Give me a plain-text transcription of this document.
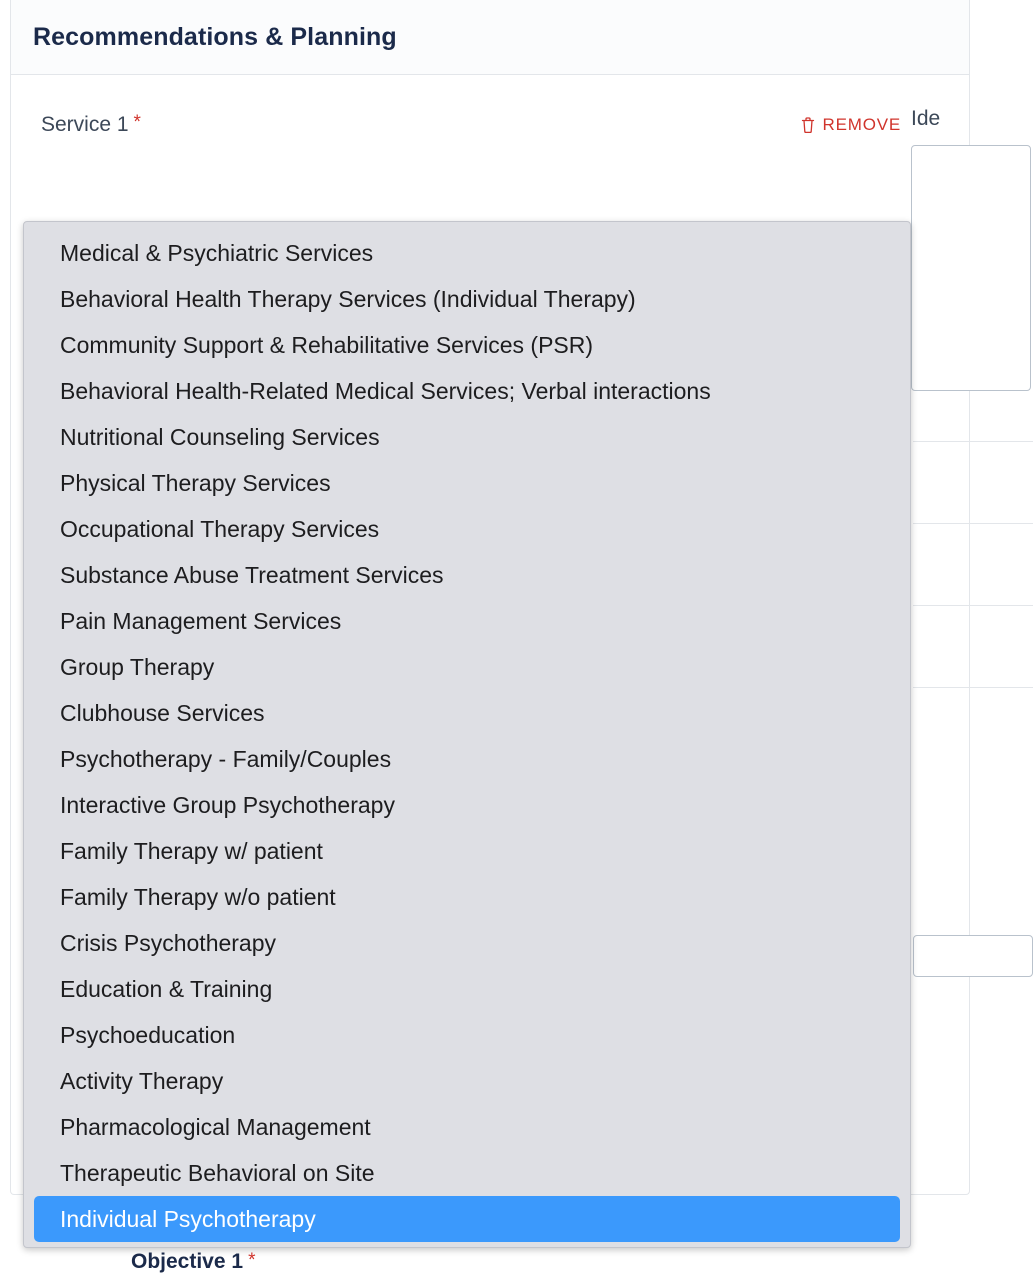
Recommendations & Planning
Ide
Service 1 *	REMOVE
Medical & Psychiatric Services
Behavioral Health Therapy Services (Individual Therapy)
Community Support & Rehabilitative Services (PSR)
Behavioral Health-Related Medical Services; Verbal interactions
Nutritional Counseling Services
Physical Therapy Services
Occupational Therapy Services
Substance Abuse Treatment Services
Pain Management Services
Group Therapy
Clubhouse Services
Psychotherapy - Family/Couples
Interactive Group Psychotherapy
Family Therapy w/ patient
Family Therapy w/o patient
Crisis Psychotherapy
Education & Training
Psychoeducation
Activity Therapy
Pharmacological Management
Therapeutic Behavioral on Site
Individual Psychotherapy
Objective 1 *
